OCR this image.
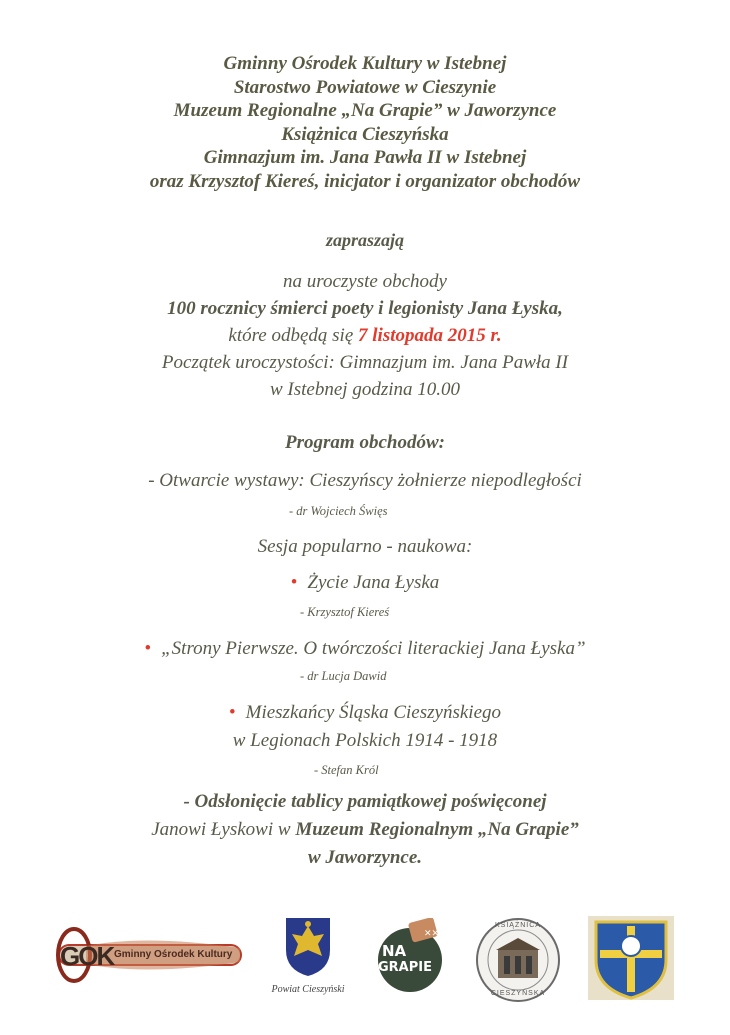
Gminny Ośrodek Kultury w Istebnej
Starostwo Powiatowe w Cieszynie
Muzeum Regionalne „Na Grapie” w Jaworzynce
Książnica Cieszyńska
Gimnazjum im. Jana Pawła II w Istebnej
oraz Krzysztof Kiereś, inicjator i organizator obchodów
zapraszają
na uroczyste obchody
100 rocznicy śmierci poety i legionisty Jana Łyska,
które odbędą się 7 listopada 2015 r.
Początek uroczystości: Gimnazjum im. Jana Pawła II
w Istebnej godzina 10.00
Program obchodów:
- Otwarcie wystawy: Cieszyńscy żołnierze niepodległości
- dr Wojciech Święs
Sesja popularno - naukowa:
• Życie Jana Łyska
- Krzysztof Kiereś
• „Strony Pierwsze. O twórczości literackiej Jana Łyska”
- dr Lucja Dawid
• Mieszkańcy Śląska Cieszyńskiego
w Legionach Polskich 1914 - 1918
- Stefan Król
- Odsłonięcie tablicy pamiątkowej poświęconej
Janowi Łyskowi w Muzeum Regionalnym „Na Grapie”
w Jaworzynce.
GOK Gminny Ośrodek Kultury
Powiat Cieszyński
✕✕
NA
GRAPIE
KSIĄŻNICA
CIESZYŃSKA
